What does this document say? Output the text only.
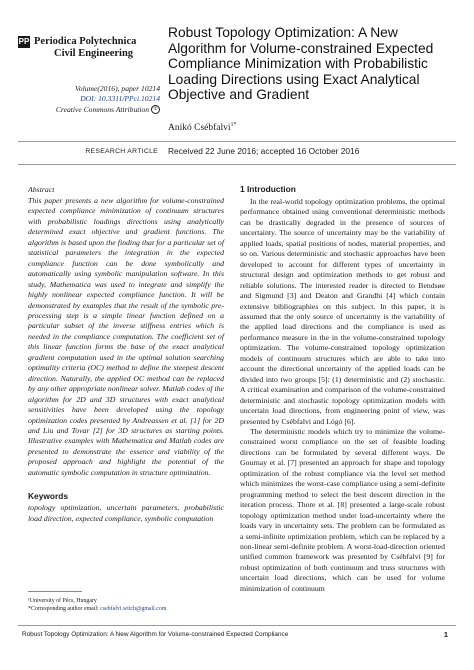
PP Periodica Polytechnica
Civil Engineering
Volume(2016), paper 10214
DOI: 10.3311/PPci.10214
Creative Commons Attribution ①
Robust Topology Optimization: A New Algorithm for Volume-constrained Expected Compliance Minimization with Probabilistic Loading Directions using Exact Analytical Objective and Gradient
Anikó Csébfalvi$^{1*}$
RESEARCH ARTICLE Received 22 June 2016; accepted 16 October 2016
Abstract

This paper presents a new algorithm for volume-constrained expected compliance minimization of continuum structures with probabilistic loadings directions using analytically determined exact objective and gradient functions. The algorithm is based upon the finding that for a particular set of statistical parameters the integration in the expected compliance function can be done symbolically and automatically using symbolic manipulation software. In this study, Mathematica was used to integrate and simplify the highly nonlinear expected compliance function. It will be demonstrated by examples that the result of the symbolic pre-processing step is a simple linear function defined on a particular subset of the inverse stiffness entries which is needed in the compliance computation. The coefficient set of this linear function forms the base of the exact analytical gradient computation used in the optimal solution searching optimality criteria (OC) method to define the steepest descent direction. Naturally, the applied OC method can be replaced by any other appropriate nonlinear solver. Matlab codes of the algorithm for 2D and 3D structures with exact analytical sensitivities have been developed using the topology optimization codes presented by Andreassen et al. [1] for 2D and Liu and Tovar [2] for 3D structures as starting points. Illustrative examples with Mathematica and Matlab codes are presented to demonstrate the essence and viability of the proposed approach and highlight the potential of the automatic symbolic computation in structure optimization.

Keywords

topology optimization, uncertain parameters, probabilistic load direction, expected compliance, symbolic computation

¹University of Pécs, Hungary
*Corresponding author email: csebfalvi.witch@gmail.com
1 Introduction

In the real-world topology optimization problems, the optimal performance obtained using conventional deterministic methods can be drastically degraded in the presence of sources of uncertainty. The source of uncertainty may be the variability of applied loads, spatial positions of nodes, material properties, and so on. Various deterministic and stochastic approaches have been developed to account for different types of uncertainty in structural design and optimization methods to get robust and reliable solutions. The interested reader is directed to Bendsøe and Sigmund [3] and Deaton and Grandhi [4] which contain extensive bibliographies on this subject. In this paper, it is assumed that the only source of uncertainty is the variability of the applied load directions and the compliance is used as performance measure in the in the volume-constrained topology optimization. The volume-constrained topology optimization models of continuum structures which are able to take into account the directional uncertainty of the applied loads can be divided into two groups [5]: (1) deterministic and (2) stochastic. A critical examination and comparison of the volume-constrained deterministic and stochastic topology optimization models with uncertain load directions, from engineering point of view, was presented by Csébfalvi and Lógó [6].

The deterministic models which try to minimize the volume-constrained worst compliance on the set of feasible loading directions can be formulated by several different ways. De Gournay et al. [7] presented an approach for shape and topology optimization of the robust compliance via the level set method which minimizes the worst-case compliance using a semi-definite programming method to select the best descent direction in the iteration process. Thore et al. [8] presented a large-scale robust topology optimization method under load-uncertainty where the loads vary in uncertainty sets. The problem can be formulated as a semi-infinite optimization problem, which can be replaced by a non-linear semi-definite problem. A worst-load-direction oriented unified common framework was presented by Csébfalvi [9] for robust optimization of both continuum and truss structures with uncertain load directions, which can be used for volume minimization of continuum

Robust Topology Optimization: A New Algorithm for Volume-constrained Expected Compliance	1
